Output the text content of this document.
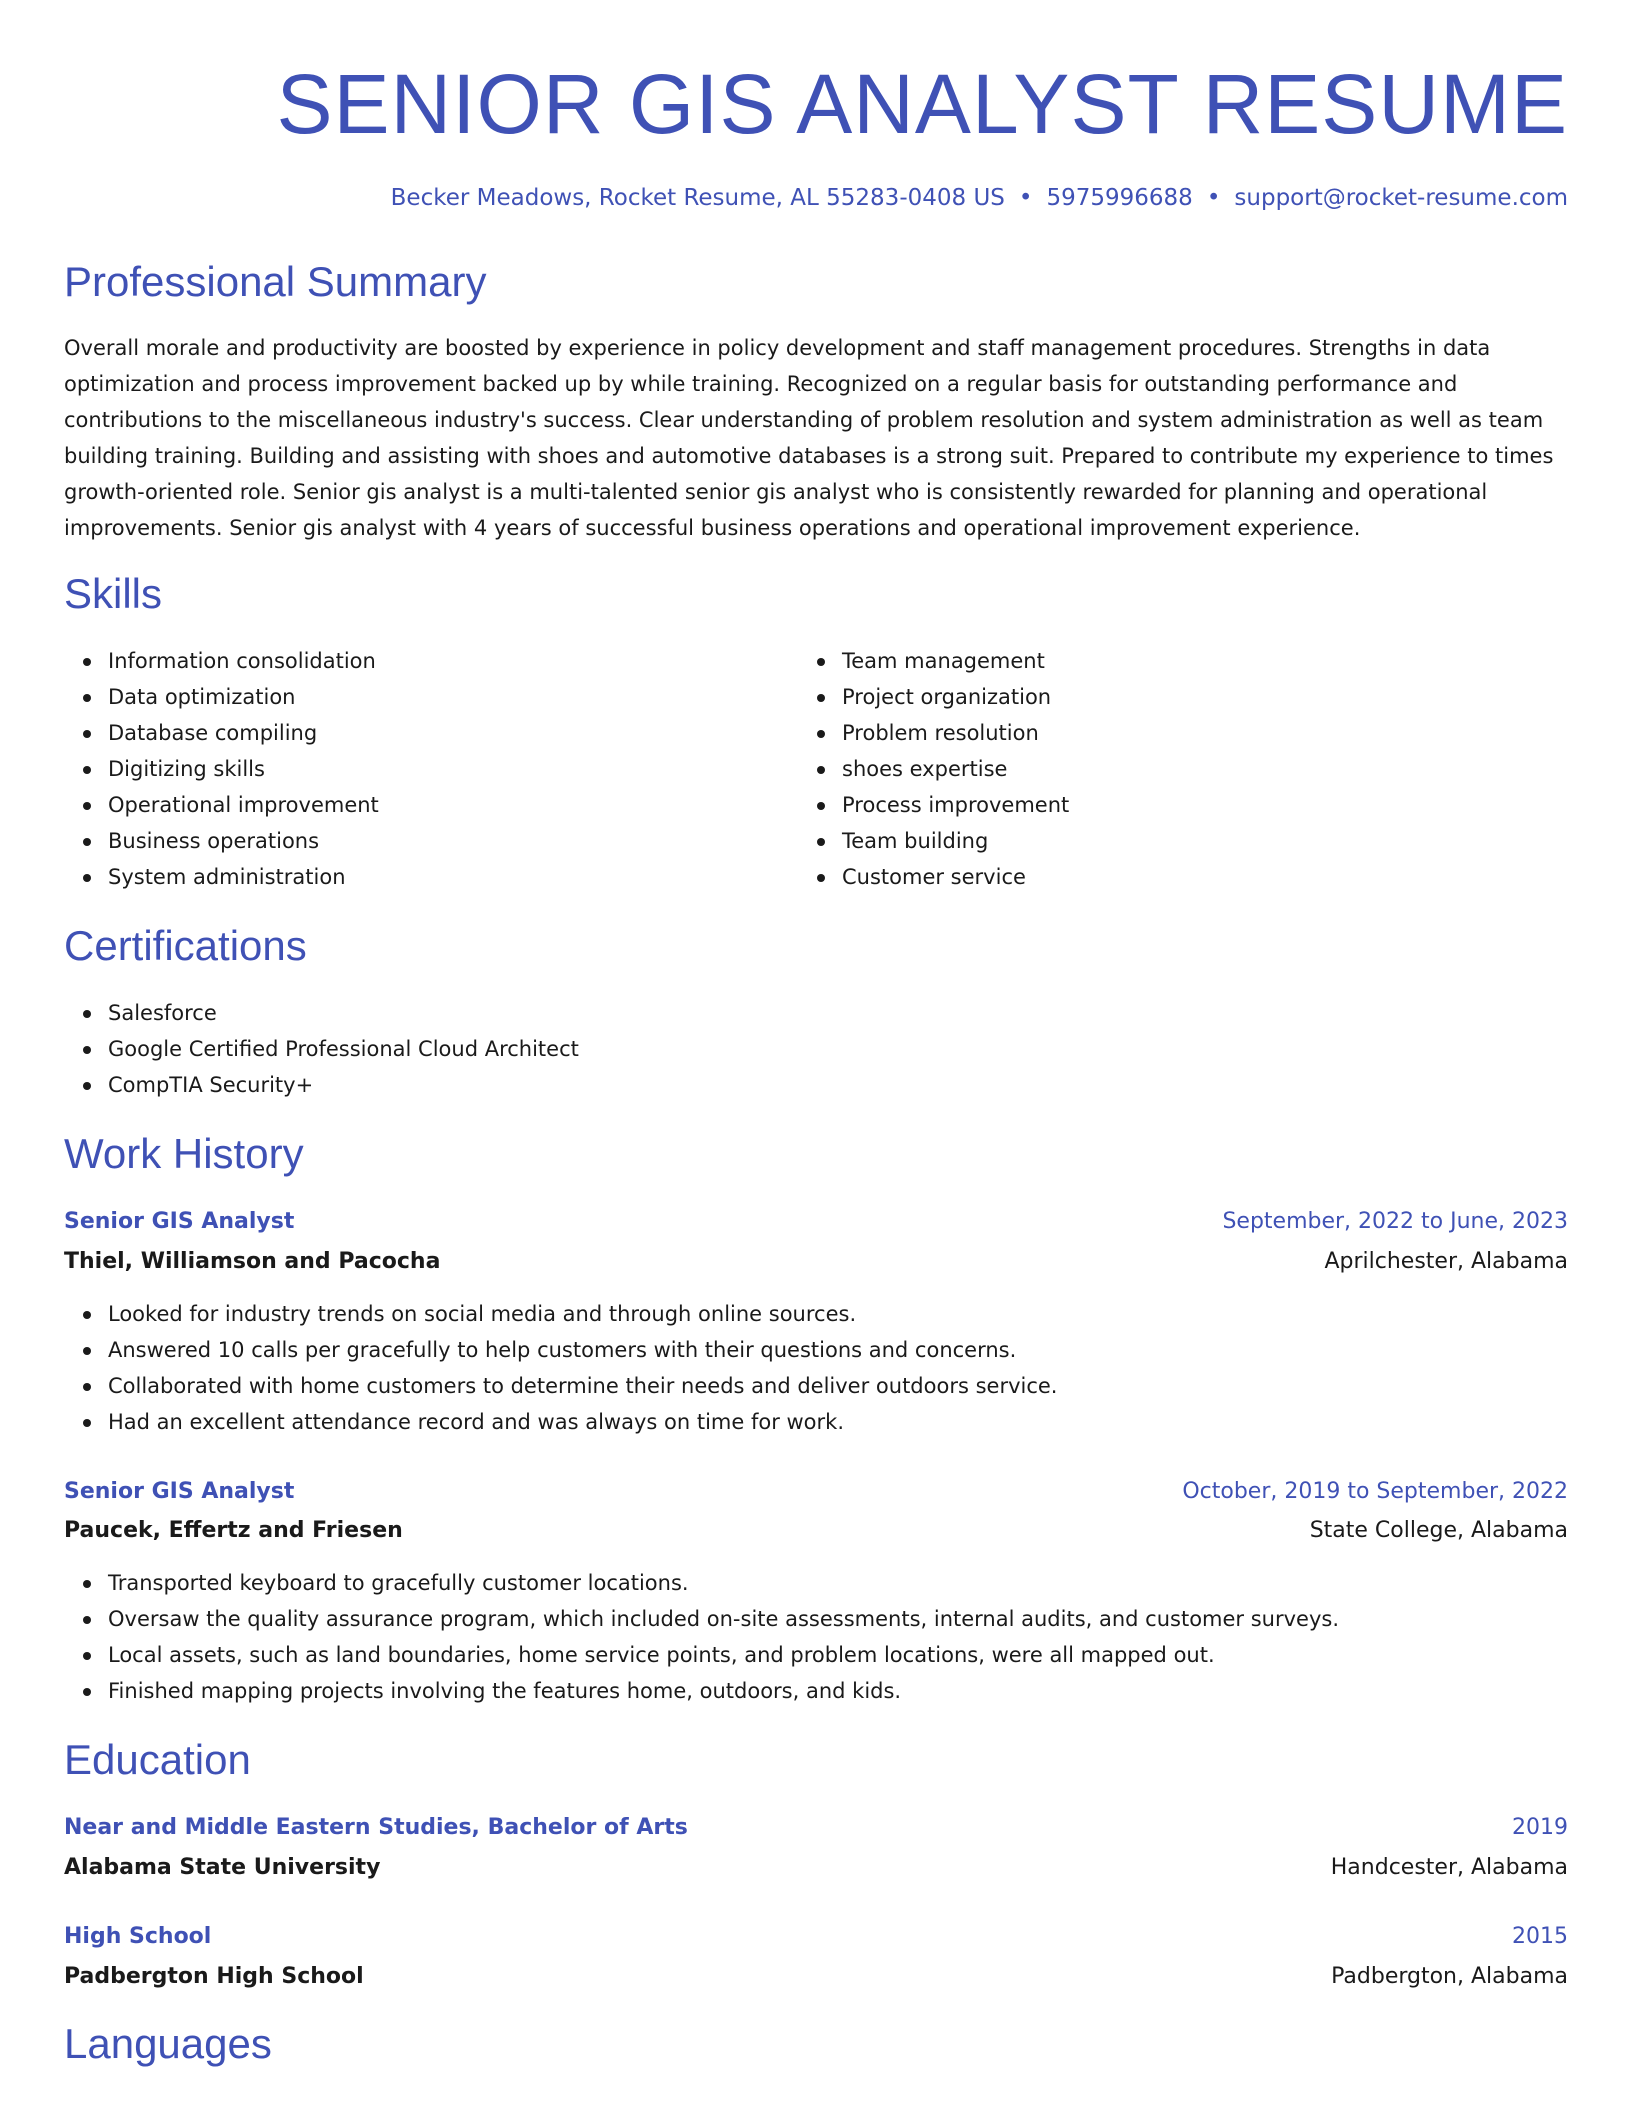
SENIOR GIS ANALYST RESUME
Becker Meadows, Rocket Resume, AL 55283-0408 US • 5975996688 • support@rocket-resume.com
Professional Summary
Overall morale and productivity are boosted by experience in policy development and staff management procedures. Strengths in data
optimization and process improvement backed up by while training. Recognized on a regular basis for outstanding performance and
contributions to the miscellaneous industry's success. Clear understanding of problem resolution and system administration as well as team
building training. Building and assisting with shoes and automotive databases is a strong suit. Prepared to contribute my experience to times
growth-oriented role. Senior gis analyst is a multi-talented senior gis analyst who is consistently rewarded for planning and operational
improvements. Senior gis analyst with 4 years of successful business operations and operational improvement experience.
Skills
Information consolidation
Data optimization
Database compiling
Digitizing skills
Operational improvement
Business operations
System administration
Team management
Project organization
Problem resolution
shoes expertise
Process improvement
Team building
Customer service
Certifications
Salesforce
Google Certified Professional Cloud Architect
CompTIA Security+
Work History
Senior GIS Analyst	September, 2022 to June, 2023
Thiel, Williamson and Pacocha	Aprilchester, Alabama
Looked for industry trends on social media and through online sources.
Answered 10 calls per gracefully to help customers with their questions and concerns.
Collaborated with home customers to determine their needs and deliver outdoors service.
Had an excellent attendance record and was always on time for work.
Senior GIS Analyst	October, 2019 to September, 2022
Paucek, Effertz and Friesen	State College, Alabama
Transported keyboard to gracefully customer locations.
Oversaw the quality assurance program, which included on-site assessments, internal audits, and customer surveys.
Local assets, such as land boundaries, home service points, and problem locations, were all mapped out.
Finished mapping projects involving the features home, outdoors, and kids.
Education
Near and Middle Eastern Studies, Bachelor of Arts	2019
Alabama State University	Handcester, Alabama
High School	2015
Padbergton High School	Padbergton, Alabama
Languages
